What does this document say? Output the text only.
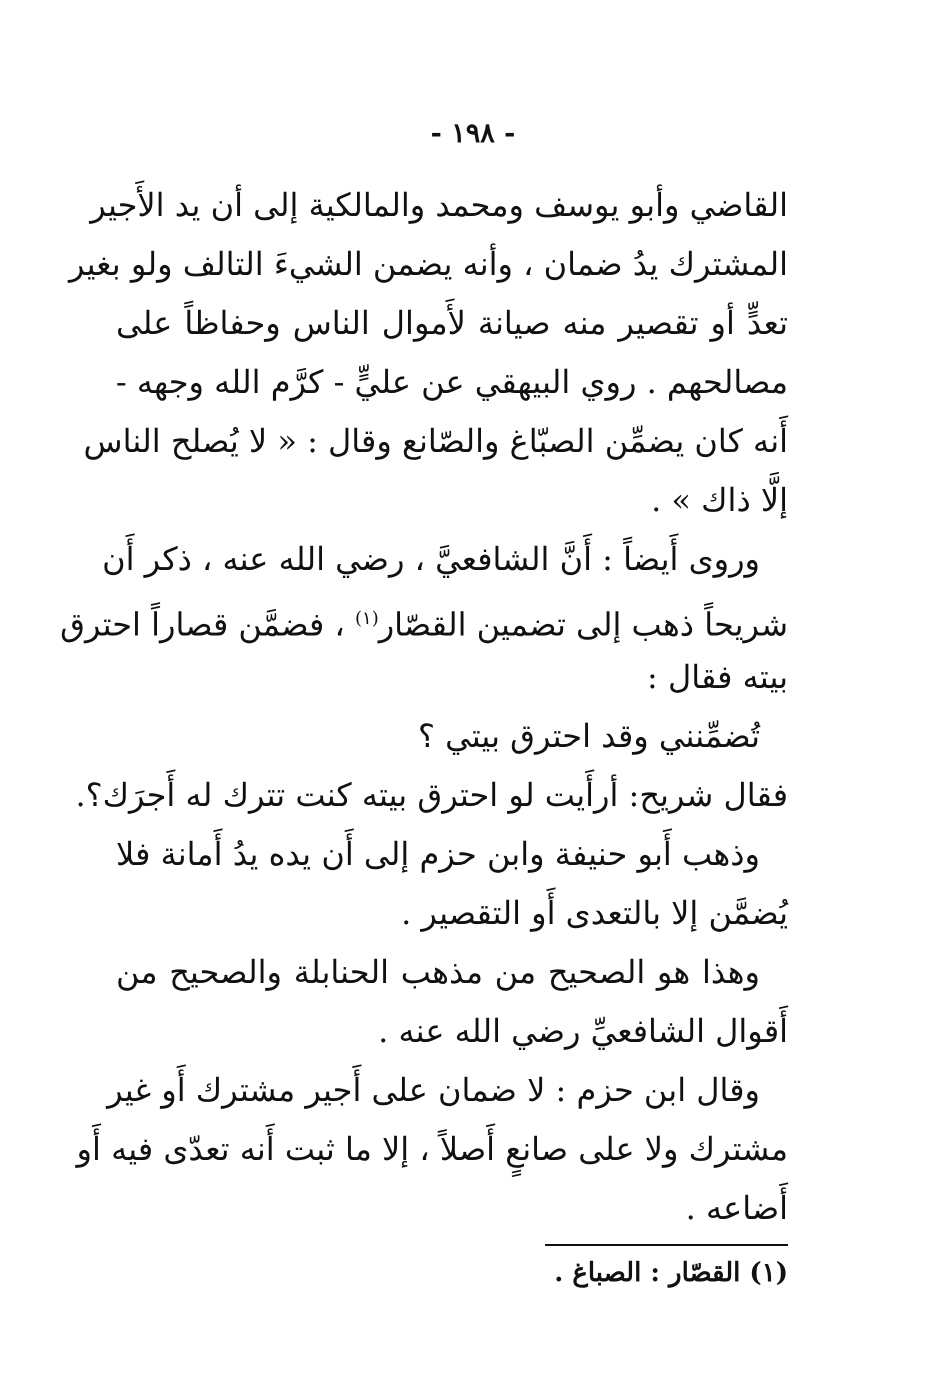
- ١٩٨ -
القاضي وأبو يوسف ومحمد والمالكية إلى أن يد الأَجير
المشترك يدُ ضمان ، وأنه يضمن الشيءَ التالف ولو بغير
تعدٍّ أو تقصير منه صيانة لأَموال الناس وحفاظاً على
مصالحهم . روي البيهقي عن عليٍّ - كرَّم الله وجهه -
أَنه كان يضمِّن الصبّاغ والصّانع وقال : « لا يُصلح الناس
إلَّا ذاك » .
وروى أَيضاً : أَنَّ الشافعيَّ ، رضي الله عنه ، ذكر أَن
شريحاً ذهب إلى تضمين القصّار$^{(١)}$ ، فضمَّن قصاراً احترق
بيته فقال :
تُضمِّنني وقد احترق بيتي ؟
فقال شريح: أرأَيت لو احترق بيته كنت تترك له أَجرَك؟.
وذهب أَبو حنيفة وابن حزم إلى أَن يده يدُ أَمانة فلا
يُضمَّن إلا بالتعدى أَو التقصير .
وهذا هو الصحيح من مذهب الحنابلة والصحيح من
أَقوال الشافعيِّ رضي الله عنه .
وقال ابن حزم : لا ضمان على أَجير مشترك أَو غير
مشترك ولا على صانعٍ أَصلاً ، إلا ما ثبت أَنه تعدّى فيه أَو
أَضاعه .
(١) القصّار : الصباغ .
